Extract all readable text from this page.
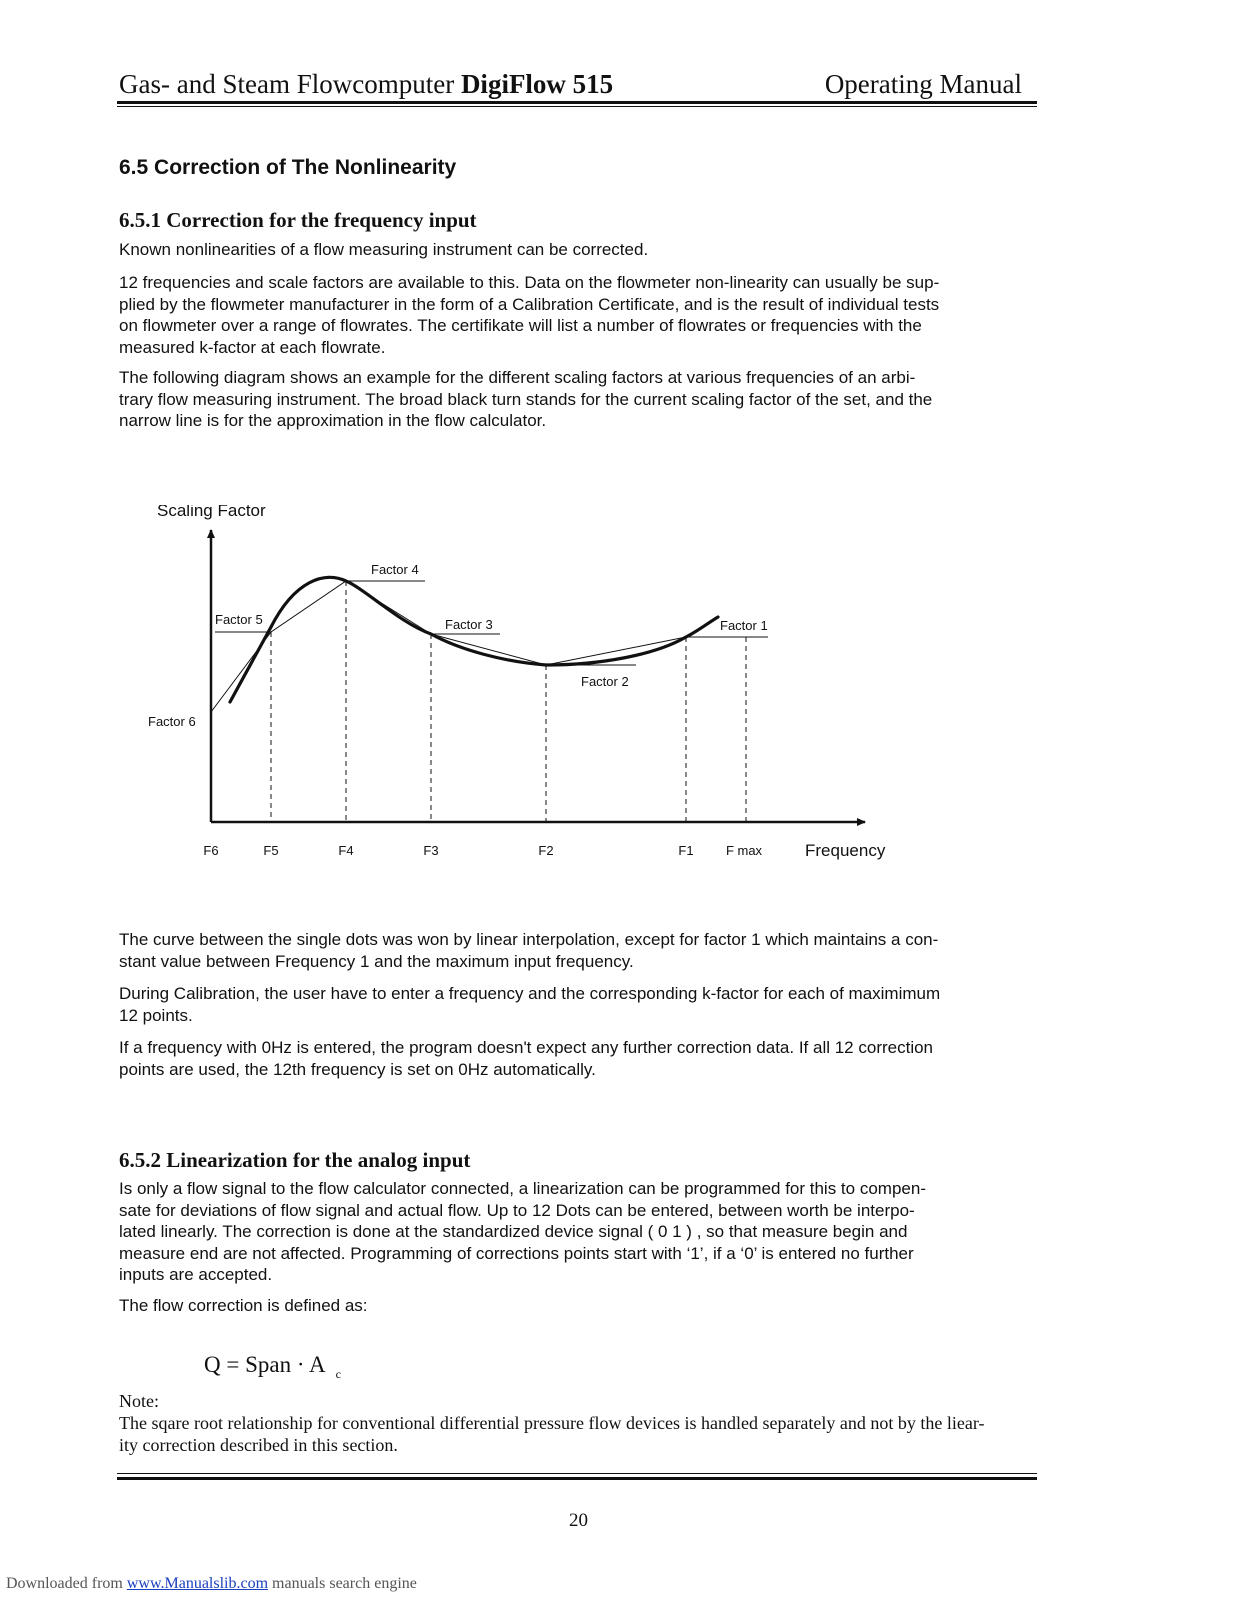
Gas- and Steam Flowcomputer DigiFlow 515	Operating Manual
6.5 Correction of The Nonlinearity
6.5.1 Correction for the frequency input
Known nonlinearities of a flow measuring instrument can be corrected.
12 frequencies and scale factors are available to this. Data on the flowmeter non-linearity can usually be sup-
plied by the flowmeter manufacturer in the form of a Calibration Certificate, and is the result of individual tests
on flowmeter over a range of flowrates. The certifikate will list a number of flowrates or frequencies with the
measured k-factor at each flowrate.
The following diagram shows an example for the different scaling factors at various frequencies of an arbi-
trary flow measuring instrument. The broad black turn stands for the current scaling factor of the set, and the
narrow line is for the approximation in the flow calculator.
Scaling Factor
Frequency
F6	F5	F4	F3	F2	F1 F max
Factor 6
Factor 5
Factor 4
Factor 3
Factor 2
Factor 1
The curve between the single dots was won by linear interpolation, except for factor 1 which maintains a con-
stant value between Frequency 1 and the maximum input frequency.
During Calibration, the user have to enter a frequency and the corresponding k-factor for each of maximimum
12 points.
If a frequency with 0Hz is entered, the program doesn't expect any further correction data. If all 12 correction
points are used, the 12th frequency is set on 0Hz automatically.
6.5.2 Linearization for the analog input
Is only a flow signal to the flow calculator connected, a linearization can be programmed for this to compen-
sate for deviations of flow signal and actual flow. Up to 12 Dots can be entered, between worth be interpo-
lated linearly. The correction is done at the standardized device signal ( 0 1 ) , so that measure begin and
measure end are not affected. Programming of corrections points start with ‘1’, if a ‘0’ is entered no further
inputs are accepted.
The flow correction is defined as:
Q = Span · A $_c$
Note:
The sqare root relationship for conventional differential pressure flow devices is handled separately and not by the liear-
ity correction described in this section.
20
Downloaded from www.Manualslib.com manuals search engine
